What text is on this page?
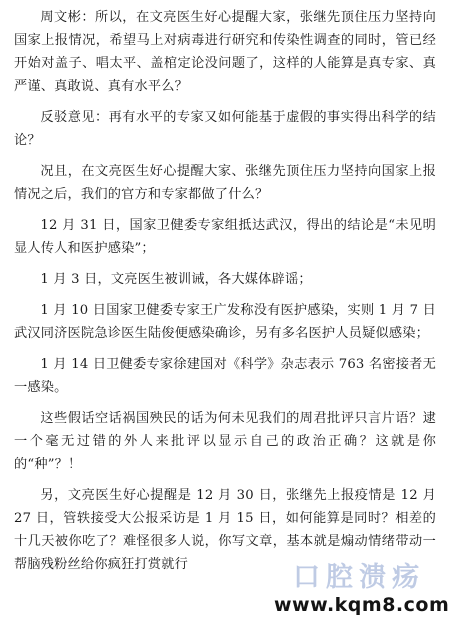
周文彬：所以，在文亮医生好心提醒大家，张继先顶住压力坚持向国家上报情况，希望马上对病毒进行研究和传染性调查的同时，管已经开始对盖子、唱太平、盖棺定论没问题了，这样的人能算是真专家、真严谨、真敢说、真有水平么？

反驳意见：再有水平的专家又如何能基于虚假的事实得出科学的结论？

况且，在文亮医生好心提醒大家、张继先顶住压力坚持向国家上报情况之后，我们的官方和专家都做了什么？

12 月 31 日，国家卫健委专家组抵达武汉，得出的结论是“未见明显人传人和医护感染”；

1 月 3 日，文亮医生被训诫，各大媒体辟谣；

1 月 10 日国家卫健委专家王广发称没有医护感染，实则 1 月 7 日武汉同济医院急诊医生陆俊便感染确诊，另有多名医护人员疑似感染；

1 月 14 日卫健委专家徐建国对《科学》杂志表示 763 名密接者无一感染。

这些假话空话祸国殃民的话为何未见我们的周君批评只言片语？逮一个毫无过错的外人来批评以显示自己的政治正确？这就是你的“种”？！

另，文亮医生好心提醒是 12 月 30 日，张继先上报疫情是 12 月 27 日，管轶接受大公报采访是 1 月 15 日，如何能算是同时？相差的十几天被你吃了？难怪很多人说，你写文章，基本就是煽动情绪带动一帮脑残粉丝给你疯狂打赏就行	口腔溃疡
www.kqm8.com
